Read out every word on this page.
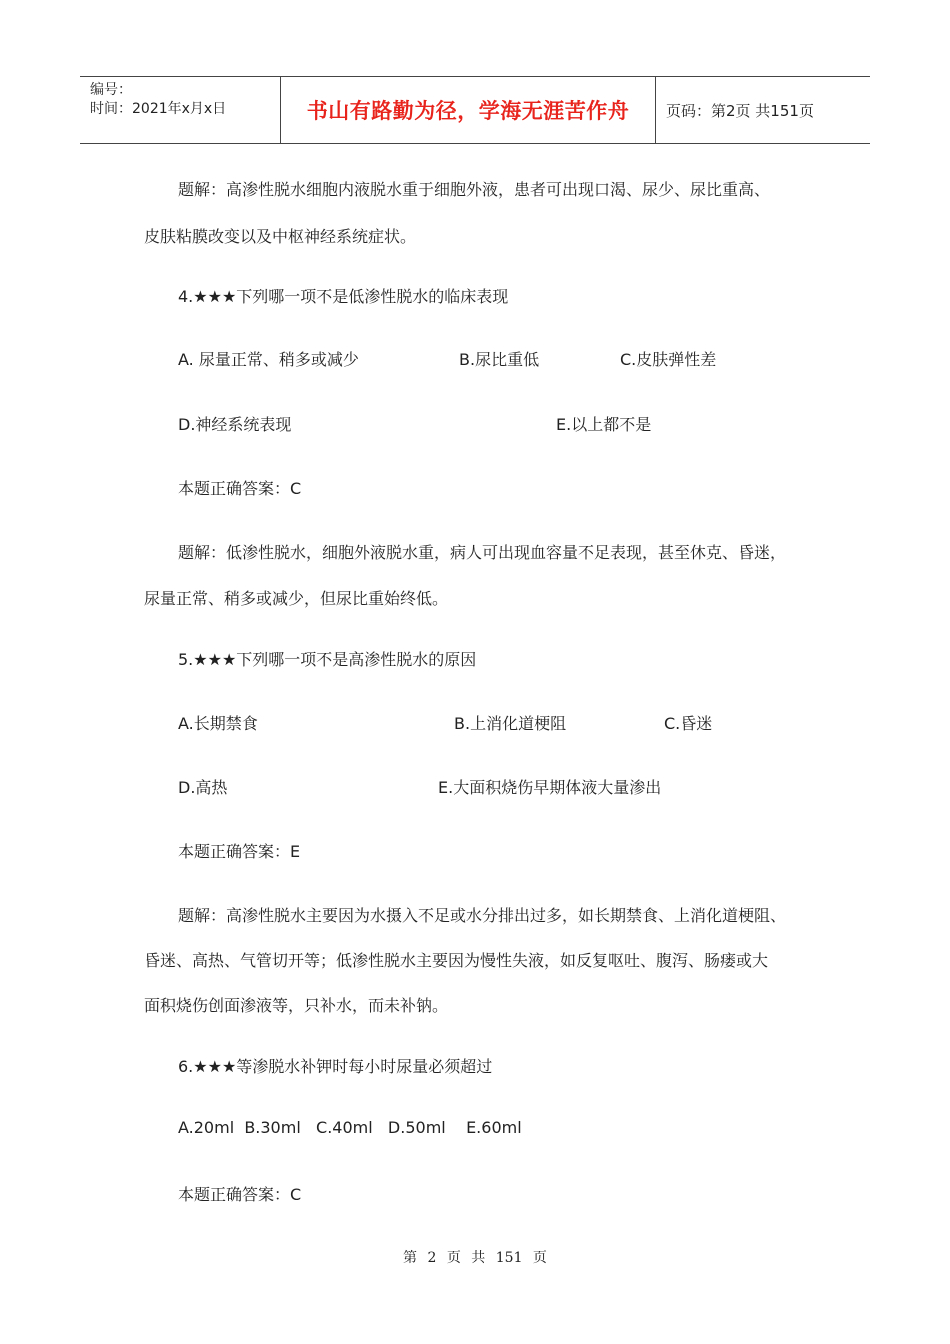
编号：
时间：2021年x月x日	书山有路勤为径，学海无涯苦作舟 页码：第2页 共151页
题解：高渗性脱水细胞内液脱水重于细胞外液，患者可出现口渴、尿少、尿比重高、
皮肤粘膜改变以及中枢神经系统症状。
4.★★★下列哪一项不是低渗性脱水的临床表现
A. 尿量正常、稍多或减少	B.尿比重低	C.皮肤弹性差
D.神经系统表现	E.以上都不是
本题正确答案：C
题解：低渗性脱水，细胞外液脱水重，病人可出现血容量不足表现，甚至休克、昏迷，
尿量正常、稍多或减少，但尿比重始终低。
5.★★★下列哪一项不是高渗性脱水的原因
A.长期禁食	B.上消化道梗阻	C.昏迷
D.高热	E.大面积烧伤早期体液大量渗出
本题正确答案：E
题解：高渗性脱水主要因为水摄入不足或水分排出过多，如长期禁食、上消化道梗阻、
昏迷、高热、气管切开等；低渗性脱水主要因为慢性失液，如反复呕吐、腹泻、肠瘘或大
面积烧伤创面渗液等，只补水，而未补钠。
6.★★★等渗脱水补钾时每小时尿量必须超过
A.20ml  B.30ml   C.40ml   D.50ml    E.60ml
本题正确答案：C
第 2 页 共 151 页
